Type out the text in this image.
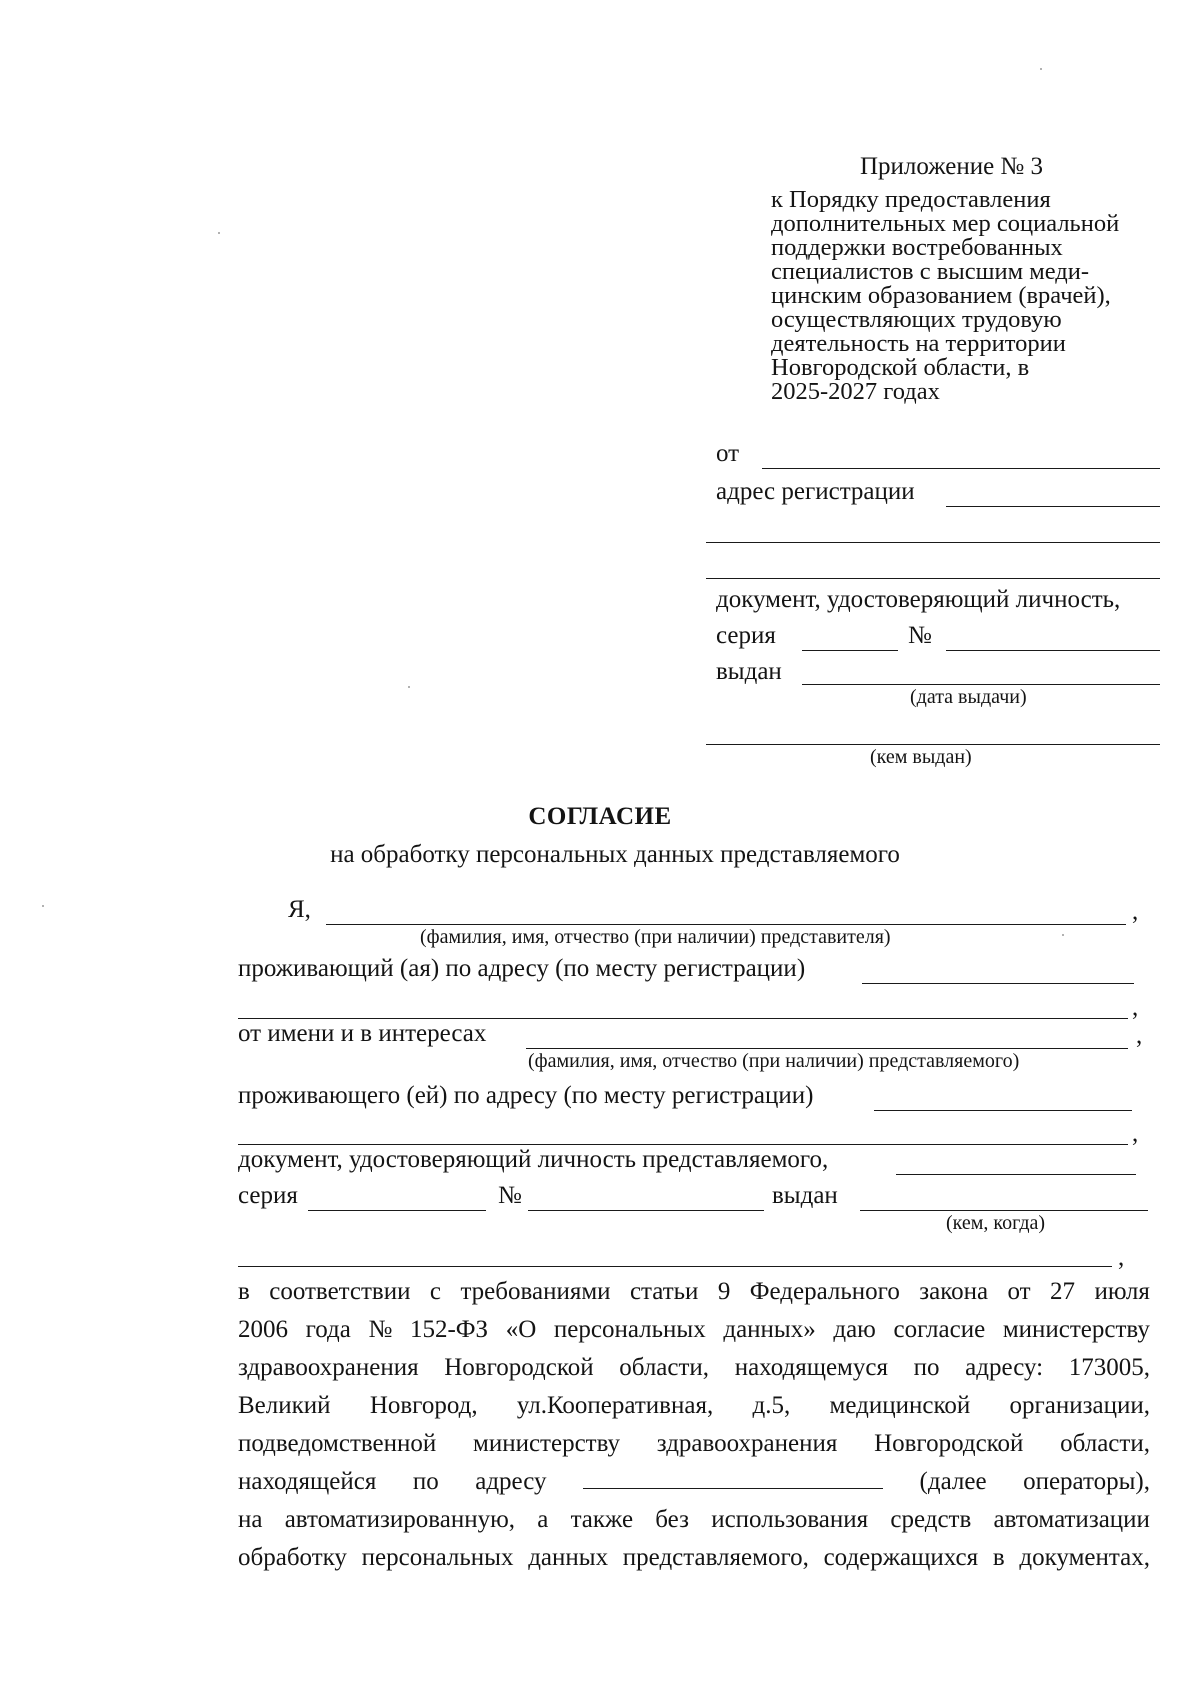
Приложение № 3
к Порядку предоставления
дополнительных мер социальной
поддержки востребованных
специалистов с высшим меди-
цинским образованием (врачей),
осуществляющих трудовую
деятельность на территории
Новгородской области, в
2025-2027 годах
от
адрес регистрации
документ, удостоверяющий личность,
серия	№
выдан
(дата выдачи)
(кем выдан)
СОГЛАСИЕ
на обработку персональных данных представляемого
Я,	,
(фамилия, имя, отчество (при наличии) представителя)
проживающий (ая) по адресу (по месту регистрации)
,
от имени и в интересах	,
(фамилия, имя, отчество (при наличии) представляемого)
проживающего (ей) по адресу (по месту регистрации)
,
документ, удостоверяющий личность представляемого,
серия	№	выдан
(кем, когда)
,
в соответствии с требованиями статьи 9 Федерального закона от 27 июля
2006 года № 152-ФЗ «О персональных данных» даю согласие министерству
здравоохранения Новгородской области, находящемуся по адресу: 173005,
Великий Новгород, ул.Кооперативная, д.5, медицинской организации,
подведомственной министерству здравоохранения Новгородской области,
находящейся по адресу	(далее операторы),
на автоматизированную, а также без использования средств автоматизации
обработку персональных данных представляемого, содержащихся в документах,
